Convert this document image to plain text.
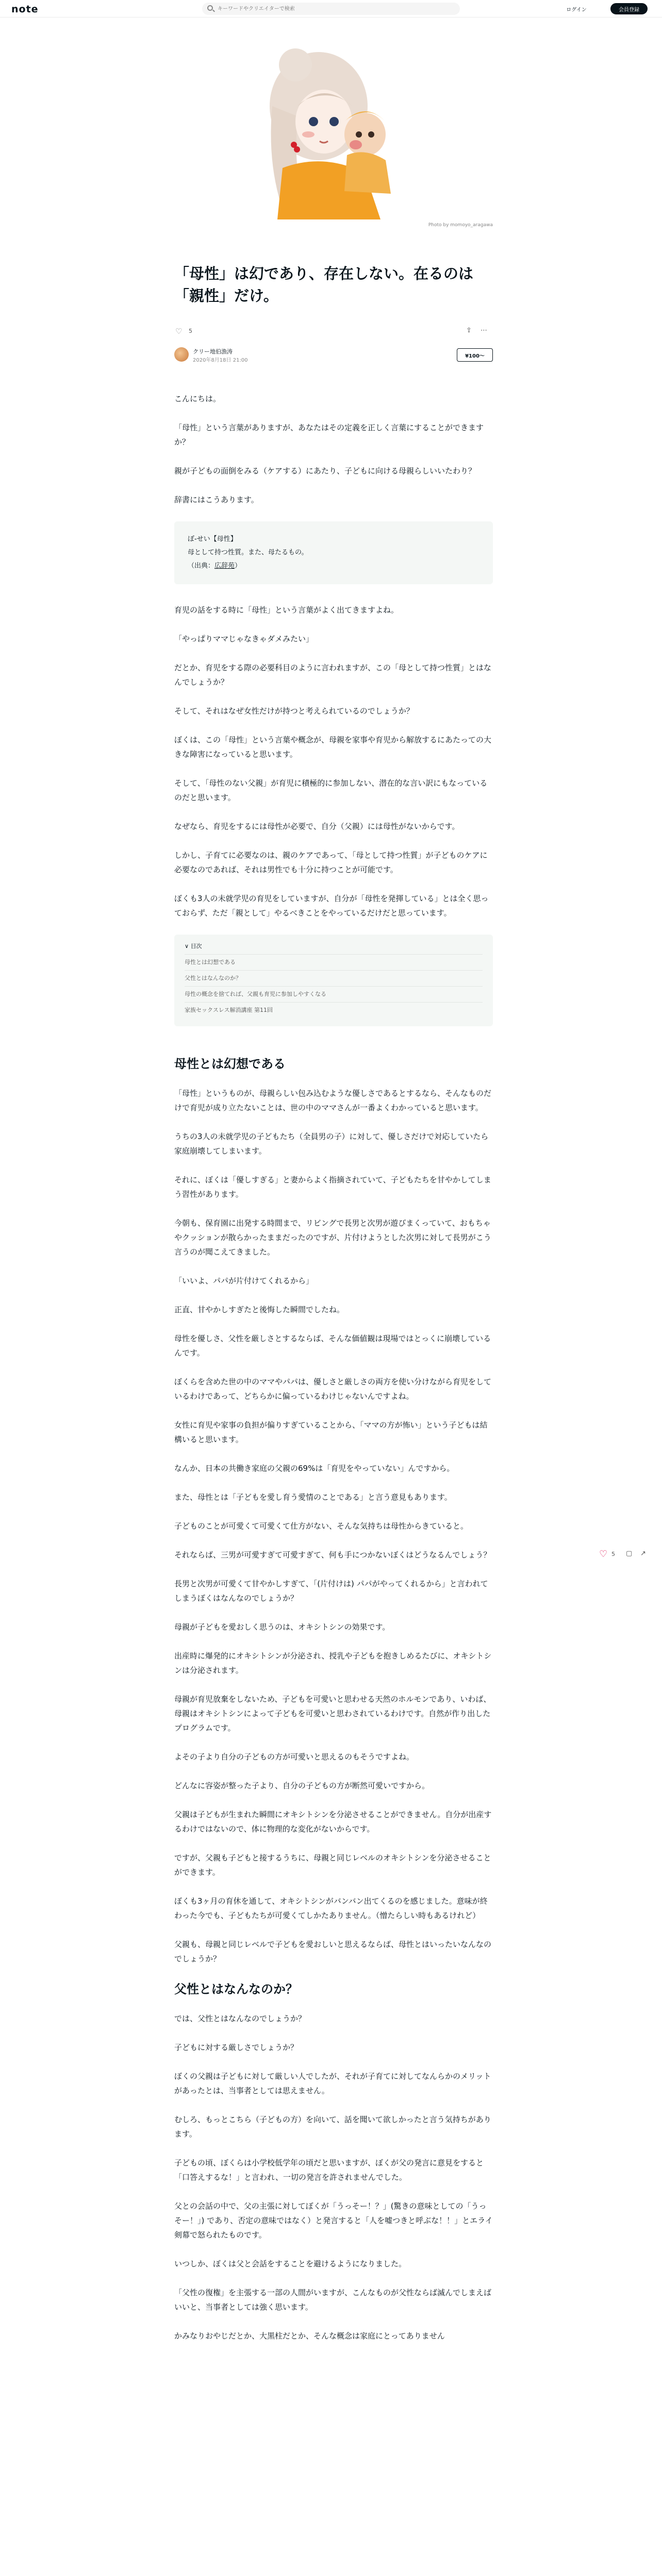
note
キーワードやクリエイターで検索	ログイン	会員登録
Photo by momoyo_aragawa
「母性」は幻であり、存在しない。在るのは「親性」だけ。
♡ 5	⇪ ⋯
クリー地伯漁涛
2020年8月18日 21:00
¥100〜

こんにちは。

「母性」という言葉がありますが、あなたはその定義を正しく言葉にすることができますか？

親が子どもの面倒をみる（ケアする）にあたり、子どもに向ける母親らしいいたわり？

辞書にはこうあります。

ぼ-せい【母性】
母として持つ性質。また、母たるもの。
（出典：広辞苑）

育児の話をする時に「母性」という言葉がよく出てきますよね。

「やっぱりママじゃなきゃダメみたい」

だとか、育児をする際の必要科目のように言われますが、この「母として持つ性質」とはなんでしょうか？

そして、それはなぜ女性だけが持つと考えられているのでしょうか？

ぼくは、この「母性」という言葉や概念が、母親を家事や育児から解放するにあたっての大きな障害になっていると思います。

そして、「母性のない父親」が育児に積極的に参加しない、潜在的な言い訳にもなっているのだと思います。

なぜなら、育児をするには母性が必要で、自分（父親）には母性がないからです。

しかし、子育てに必要なのは、親のケアであって、「母として持つ性質」が子どものケアに必要なのであれば、それは男性でも十分に持つことが可能です。

ぼくも3人の未就学児の育児をしていますが、自分が「母性を発揮している」とは全く思っておらず、ただ「親として」やるべきことをやっているだけだと思っています。

∨ 目次
母性とは幻想である
父性とはなんなのか？
母性の概念を捨てれば、父親も育児に参加しやすくなる
家族セックスレス解消講座 第11回
母性とは幻想である

「母性」というものが、母親らしい包み込むような優しさであるとするなら、そんなものだけで育児が成り立たないことは、世の中のママさんが一番よくわかっていると思います。

うちの3人の未就学児の子どもたち（全員男の子）に対して、優しさだけで対応していたら家庭崩壊してしまいます。

それに、ぼくは「優しすぎる」と妻からよく指摘されていて、子どもたちを甘やかしてしまう習性があります。

今朝も、保育園に出発する時間まで、リビングで長男と次男が遊びまくっていて、おもちゃやクッションが散らかったままだったのですが、片付けようとした次男に対して長男がこう言うのが聞こえてきました。

「いいよ、パパが片付けてくれるから」

正直、甘やかしすぎたと後悔した瞬間でしたね。

母性を優しさ、父性を厳しさとするならば、そんな価値観は現場ではとっくに崩壊しているんです。

ぼくらを含めた世の中のママやパパは、優しさと厳しさの両方を使い分けながら育児をしているわけであって、どちらかに偏っているわけじゃないんですよね。

女性に育児や家事の負担が偏りすぎていることから、「ママの方が怖い」という子どもは結構いると思います。

なんか、日本の共働き家庭の父親の69%は「育児をやっていない」んですから。

また、母性とは「子どもを愛し育う愛情のことである」と言う意見もあります。

子どものことが可愛くて可愛くて仕方がない、そんな気持ちは母性からきていると。

それならば、三男が可愛すぎて可愛すぎて、何も手につかないぼくはどうなるんでしょう？

長男と次男が可愛くて甘やかしすぎて、「(片付けは) パパがやってくれるから」と言われてしまうぼくはなんなのでしょうか？

母親が子どもを愛おしく思うのは、オキシトシンの効果です。

出産時に爆発的にオキシトシンが分泌され、授乳や子どもを抱きしめるたびに、オキシトシンは分泌されます。

母親が育児放棄をしないため、子どもを可愛いと思わせる天然のホルモンであり、いわば、母親はオキシトシンによって子どもを可愛いと思わされているわけです。自然が作り出したプログラムです。

よその子より自分の子どもの方が可愛いと思えるのもそうですよね。

どんなに容姿が整った子より、自分の子どもの方が断然可愛いですから。

父親は子どもが生まれた瞬間にオキシトシンを分泌させることができません。自分が出産するわけではないので、体に物理的な変化がないからです。

ですが、父親も子どもと接するうちに、母親と同じレベルのオキシトシンを分泌させることができます。

ぼくも3ヶ月の育休を通して、オキシトシンがバンバン出てくるのを感じました。意味が終わった今でも、子どもたちが可愛くてしかたありません。（憎たらしい時もあるけれど）

父親も、母親と同じレベルで子どもを愛おしいと思えるならば、母性とはいったいなんなのでしょうか？

父性とはなんなのか？

では、父性とはなんなのでしょうか？

子どもに対する厳しさでしょうか？

ぼくの父親は子どもに対して厳しい人でしたが、それが子育てに対してなんらかのメリットがあったとは、当事者としては思えません。

むしろ、もっとこちら（子どもの方）を向いて、話を聞いて欲しかったと言う気持ちがあります。

子どもの頃、ぼくらは小学校低学年の頃だと思いますが、ぼくが父の発言に意見をすると「口答えするな！」と言われ、一切の発言を許されませんでした。

父との会話の中で、父の主張に対してぼくが「うっそー！？」(驚きの意味としての「うっそー！」) であり、否定の意味ではなく）と発言すると「人を嘘つきと呼ぶな！！」とエライ剣幕で怒られたものです。

いつしか、ぼくは父と会話をすることを避けるようになりました。

「父性の復権」を主張する一部の人間がいますが、こんなものが父性ならば滅んでしまえばいいと、当事者としては強く思います。

かみなりおやじだとか、大黒柱だとか、そんな概念は家庭にとってありません

♡ 5 ▢ ↗
